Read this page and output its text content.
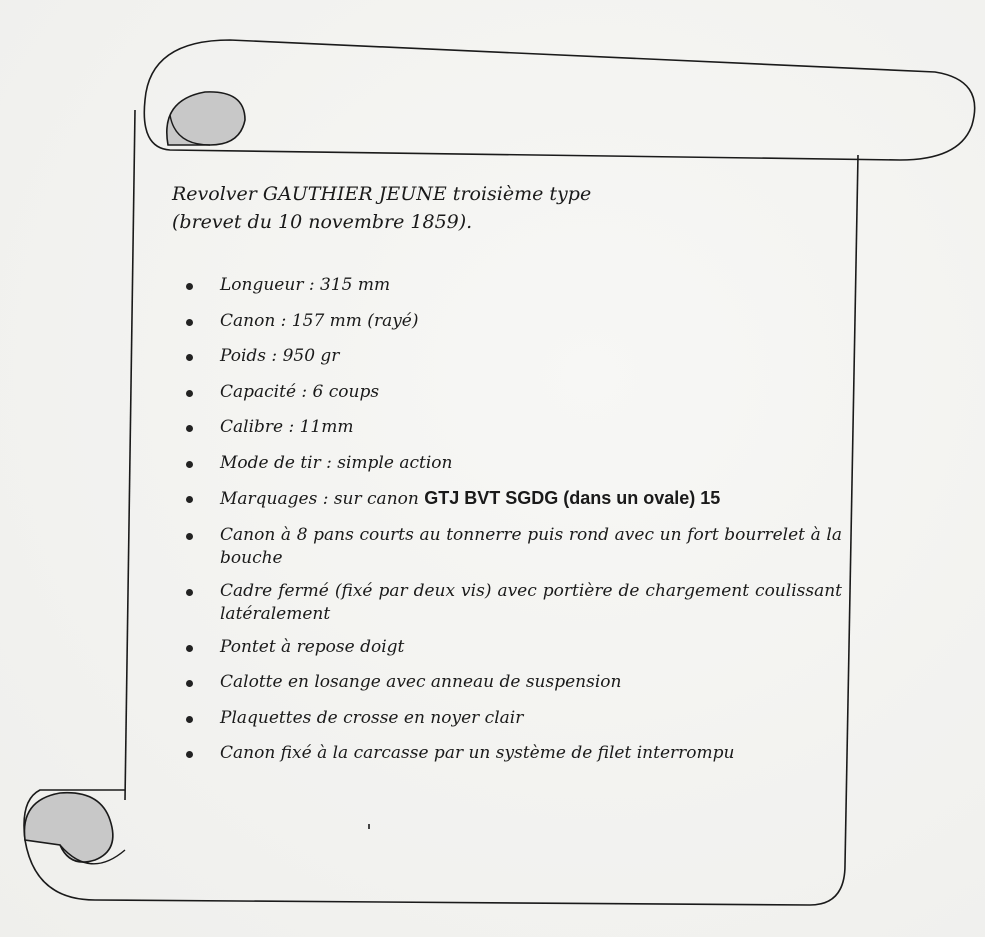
Revolver GAUTHIER JEUNE troisième type
(brevet du 10 novembre 1859).

Longueur : 315 mm
Canon : 157 mm (rayé)
Poids : 950 gr
Capacité : 6 coups
Calibre : 11mm
Mode de tir : simple action
Marquages : sur canon GTJ BVT SGDG (dans un ovale) 15
Canon à 8 pans courts au tonnerre puis rond avec un fort bourrelet à la bouche
Cadre fermé (fixé par deux vis) avec portière de chargement coulissant latéralement
Pontet à repose doigt
Calotte en losange avec anneau de suspension
Plaquettes de crosse en noyer clair
Canon fixé à la carcasse par un système de filet interrompu
